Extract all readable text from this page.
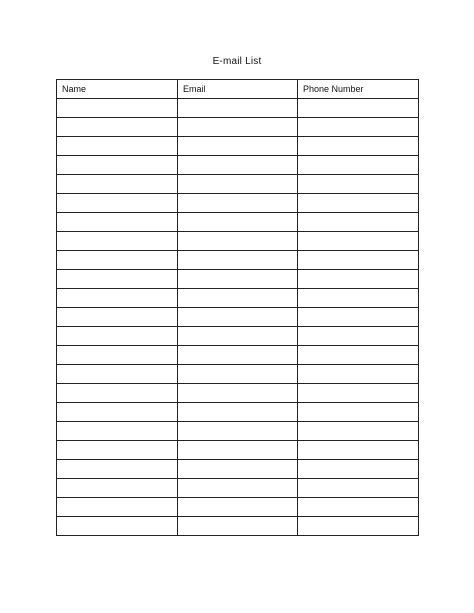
E-mail List
Name	Email	Phone Number
